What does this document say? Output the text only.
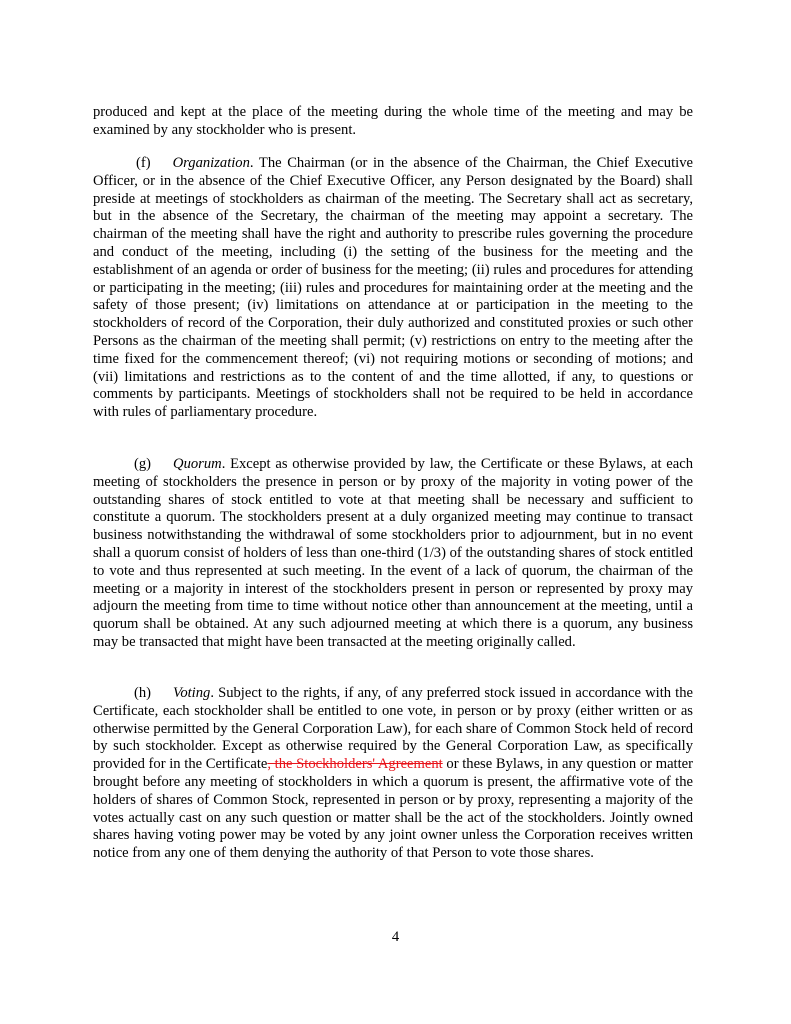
produced and kept at the place of the meeting during the whole time of the meeting and may be examined by any stockholder who is present.

(f) Organization. The Chairman (or in the absence of the Chairman, the Chief Executive Officer, or in the absence of the Chief Executive Officer, any Person designated by the Board) shall preside at meetings of stockholders as chairman of the meeting. The Secretary shall act as secretary, but in the absence of the Secretary, the chairman of the meeting may appoint a secretary. The chairman of the meeting shall have the right and authority to prescribe rules governing the procedure and conduct of the meeting, including (i) the setting of the business for the meeting and the establishment of an agenda or order of business for the meeting; (ii) rules and procedures for attending or participating in the meeting; (iii) rules and procedures for maintaining order at the meeting and the safety of those present; (iv) limitations on attendance at or participation in the meeting to the stockholders of record of the Corporation, their duly authorized and constituted proxies or such other Persons as the chairman of the meeting shall permit; (v) restrictions on entry to the meeting after the time fixed for the commencement thereof; (vi) not requiring motions or seconding of motions; and (vii) limitations and restrictions as to the content of and the time allotted, if any, to questions or comments by participants. Meetings of stockholders shall not be required to be held in accordance with rules of parliamentary procedure.

(g) Quorum. Except as otherwise provided by law, the Certificate or these Bylaws, at each meeting of stockholders the presence in person or by proxy of the majority in voting power of the outstanding shares of stock entitled to vote at that meeting shall be necessary and sufficient to constitute a quorum. The stockholders present at a duly organized meeting may continue to transact business notwithstanding the withdrawal of some stockholders prior to adjournment, but in no event shall a quorum consist of holders of less than one-third (1/3) of the outstanding shares of stock entitled to vote and thus represented at such meeting. In the event of a lack of quorum, the chairman of the meeting or a majority in interest of the stockholders present in person or represented by proxy may adjourn the meeting from time to time without notice other than announcement at the meeting, until a quorum shall be obtained. At any such adjourned meeting at which there is a quorum, any business may be transacted that might have been transacted at the meeting originally called.

(h) Voting. Subject to the rights, if any, of any preferred stock issued in accordance with the Certificate, each stockholder shall be entitled to one vote, in person or by proxy (either written or as otherwise permitted by the General Corporation Law), for each share of Common Stock held of record by such stockholder. Except as otherwise required by the General Corporation Law, as specifically provided for in the Certificate, the Stockholders' Agreement or these Bylaws, in any question or matter brought before any meeting of stockholders in which a quorum is present, the affirmative vote of the holders of shares of Common Stock, represented in person or by proxy, representing a majority of the votes actually cast on any such question or matter shall be the act of the stockholders. Jointly owned shares having voting power may be voted by any joint owner unless the Corporation receives written notice from any one of them denying the authority of that Person to vote those shares.

4
